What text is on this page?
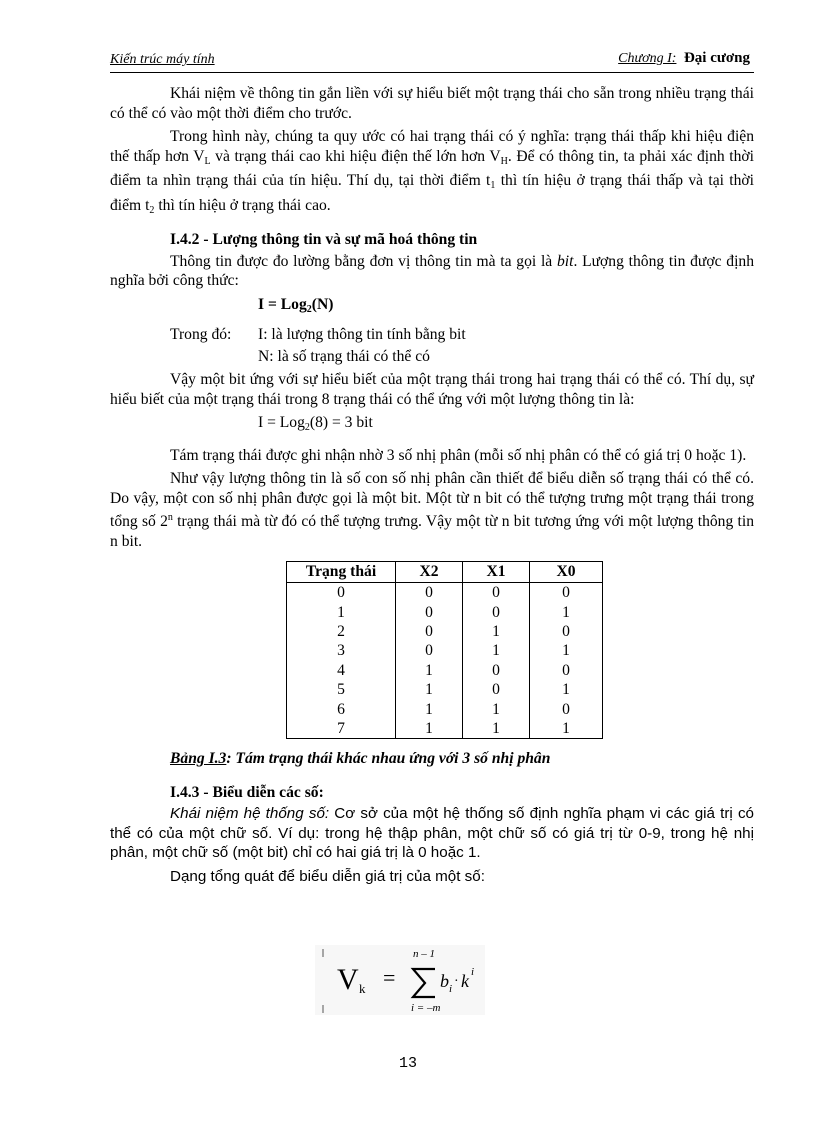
Kiến trúc máy tính	Chương I: Đại cương

Khái niệm về thông tin gắn liền với sự hiểu biết một trạng thái cho sẵn trong nhiều trạng thái có thể có vào một thời điểm cho trước.

Trong hình này, chúng ta quy ước có hai trạng thái có ý nghĩa: trạng thái thấp khi hiệu điện thế thấp hơn $V_L$ và trạng thái cao khi hiệu điện thế lớn hơn $V_H$. Để có thông tin, ta phải xác định thời điểm ta nhìn trạng thái của tín hiệu. Thí dụ, tại thời điểm $t_1$ thì tín hiệu ở trạng thái thấp và tại thời điểm $t_2$ thì tín hiệu ở trạng thái cao.

I.4.2 - Lượng thông tin và sự mã hoá thông tin

Thông tin được đo lường bằng đơn vị thông tin mà ta gọi là bit. Lượng thông tin được định nghĩa bởi công thức:

I = Log$_2$(N)
Trong đó:	I: là lượng thông tin tính bằng bit
N: là số trạng thái có thể có

Vậy một bit ứng với sự hiểu biết của một trạng thái trong hai trạng thái có thể có. Thí dụ, sự hiểu biết của một trạng thái trong 8 trạng thái có thể ứng với một lượng thông tin là:

I = Log$_2$(8) = 3 bit

Tám trạng thái được ghi nhận nhờ 3 số nhị phân (mỗi số nhị phân có thể có giá trị 0 hoặc 1).

Như vậy lượng thông tin là số con số nhị phân cần thiết để biểu diễn số trạng thái có thể có. Do vậy, một con số nhị phân được gọi là một bit. Một từ n bit có thể tượng trưng một trạng thái trong tổng số 2$^n$ trạng thái mà từ đó có thể tượng trưng. Vậy một từ n bit tương ứng với một lượng thông tin n bit.

Trạng thái	X2	X1	X0
0	0	0	0
1	0	0	1
2	0	1	0
3	0	1	1
4	1	0	0
5	1	0	1
6	1	1	0
7	1	1	1
Bảng I.3: Tám trạng thái khác nhau ứng với 3 số nhị phân
I.4.3 - Biểu diễn các số:

Khái niệm hệ thống số: Cơ sở của một hệ thống số định nghĩa phạm vi các giá trị có thể có của một chữ số. Ví dụ: trong hệ thập phân, một chữ số có giá trị từ 0-9, trong hệ nhị phân, một chữ số (một bit) chỉ có hai giá trị là 0 hoặc 1.

Dạng tổng quát để biểu diễn giá trị của một số:

V k =
n – 1
i = –m
b i · k i
13
